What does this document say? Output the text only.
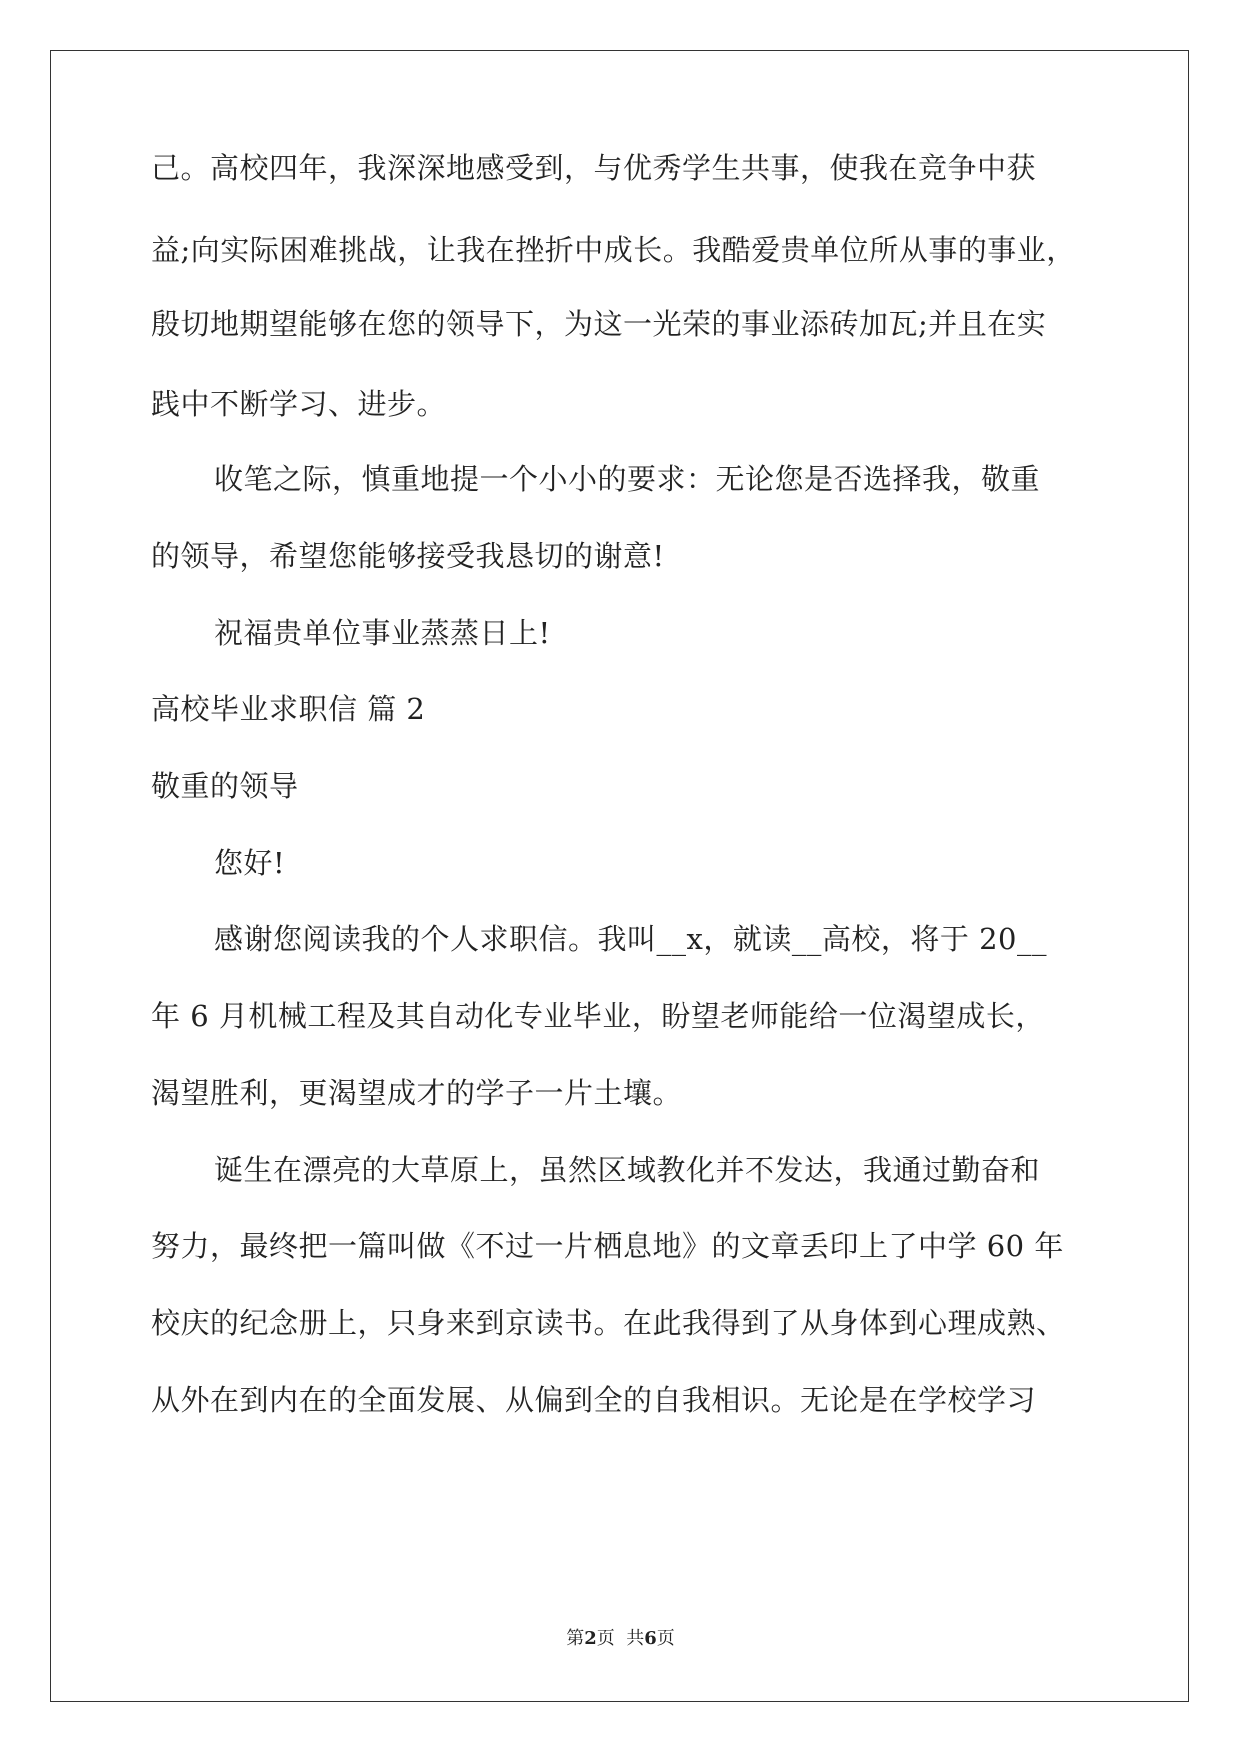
己。高校四年，我深深地感受到，与优秀学生共事，使我在竞争中获
益;向实际困难挑战，让我在挫折中成长。我酷爱贵单位所从事的事业，
殷切地期望能够在您的领导下，为这一光荣的事业添砖加瓦;并且在实
践中不断学习、进步。
收笔之际，慎重地提一个小小的要求：无论您是否选择我，敬重
的领导，希望您能够接受我恳切的谢意!
祝福贵单位事业蒸蒸日上!
高校毕业求职信 篇 2
敬重的领导
您好!
感谢您阅读我的个人求职信。我叫__x，就读__高校，将于 20__
年 6 月机械工程及其自动化专业毕业，盼望老师能给一位渴望成长，
渴望胜利，更渴望成才的学子一片土壤。
诞生在漂亮的大草原上，虽然区域教化并不发达，我通过勤奋和
努力，最终把一篇叫做《不过一片栖息地》的文章丢印上了中学 60 年
校庆的纪念册上，只身来到京读书。在此我得到了从身体到心理成熟、
从外在到内在的全面发展、从偏到全的自我相识。无论是在学校学习
第2页  共6页
